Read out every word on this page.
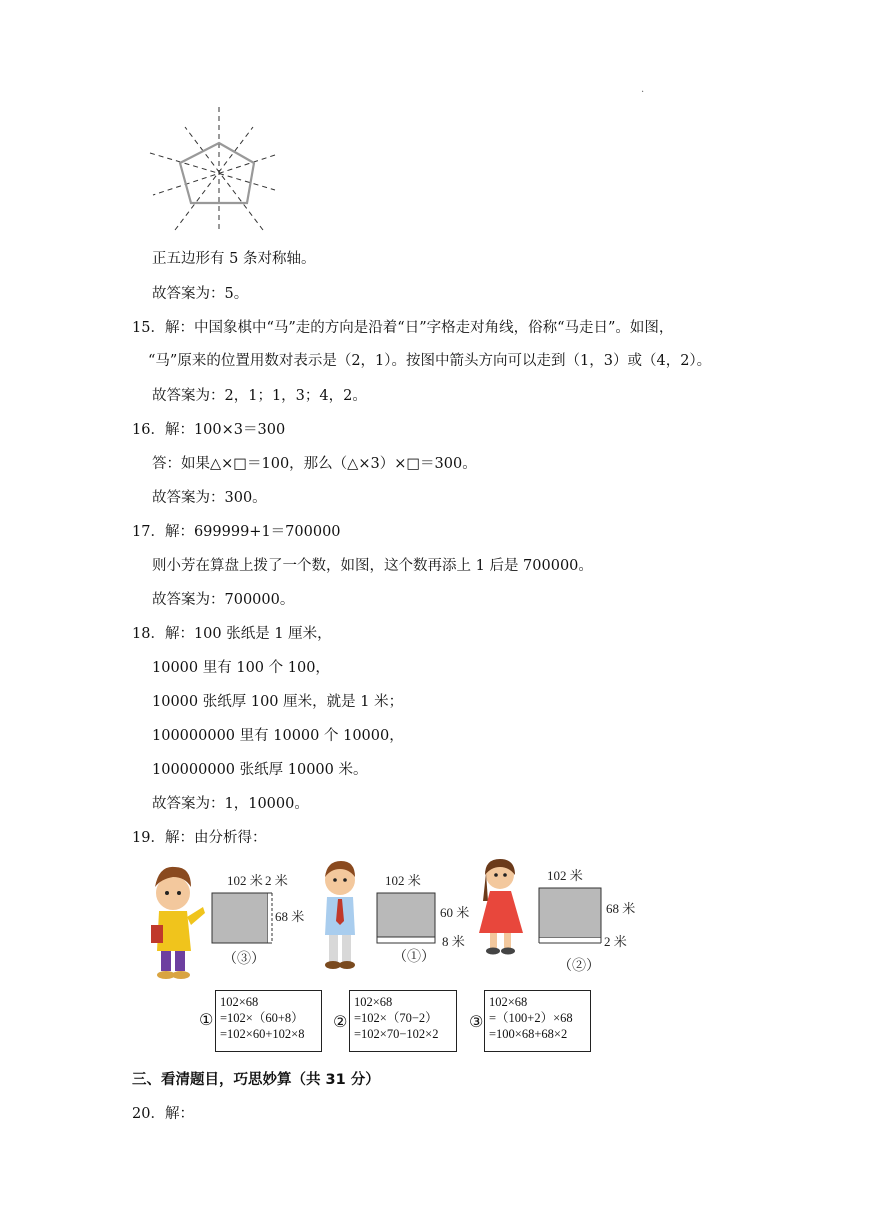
.
正五边形有 5 条对称轴。
故答案为：5。
15．解：中国象棋中“马”走的方向是沿着“日”字格走对角线，俗称“马走日”。如图，
“马”原来的位置用数对表示是（2，1）。按图中箭头方向可以走到（1，3）或（4，2）。
故答案为：2，1；1，3；4，2。
16．解：100×3＝300
答：如果△×□＝100，那么（△×3）×□＝300。
故答案为：300。
17．解：699999+1＝700000
则小芳在算盘上拨了一个数，如图，这个数再添上 1 后是 700000。
故答案为：700000。
18．解：100 张纸是 1 厘米，
10000 里有 100 个 100，
10000 张纸厚 100 厘米，就是 1 米；
100000000 里有 10000 个 10000，
100000000 张纸厚 10000 米。
故答案为：1，10000。
19．解：由分析得：
102 米 2 米
68 米
（③）
102 米
60 米
8 米
（①）
102 米
68 米
2 米
（②）
①
102×68
=102×（60+8）
=102×60+102×8
②
102×68
=102×（70−2）
=102×70−102×2
③
102×68
=（100+2）×68
=100×68+68×2
三、看清题目，巧思妙算（共 31 分）
20．解：
